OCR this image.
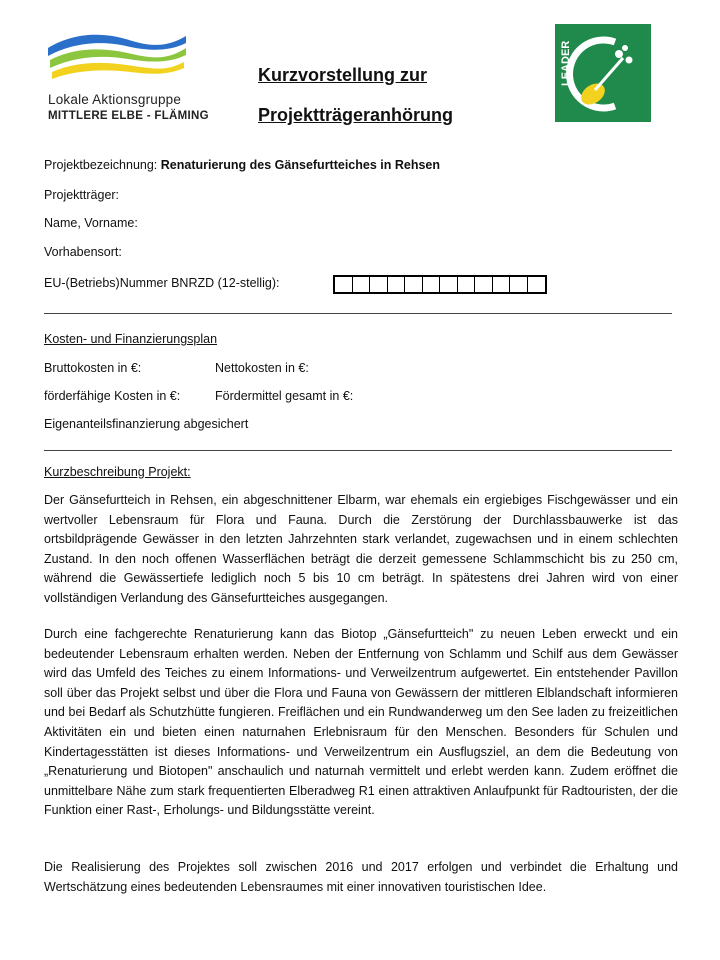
Lokale Aktionsgruppe
MITTLERE ELBE - FLÄMING
Kurzvorstellung zur
Projektträgeranhörung
LEADER
Projektbezeichnung: Renaturierung des Gänsefurtteiches in Rehsen
Projektträger:
Name, Vorname:
Vorhabensort:
EU-(Betriebs)Nummer BNRZD (12-stellig):
Kosten- und Finanzierungsplan
Bruttokosten in €:	Nettokosten in €:
förderfähige Kosten in €:	Fördermittel gesamt in €:
Eigenanteilsfinanzierung abgesichert
Kurzbeschreibung Projekt:
Der Gänsefurtteich in Rehsen, ein abgeschnittener Elbarm, war ehemals ein ergiebiges Fischgewässer und ein wertvoller Lebensraum für Flora und Fauna. Durch die Zerstörung der Durchlassbauwerke ist das ortsbildprägende Gewässer in den letzten Jahrzehnten stark verlandet, zugewachsen und in einem schlechten Zustand. In den noch offenen Wasserflächen beträgt die derzeit gemessene Schlammschicht bis zu 250 cm, während die Gewässertiefe lediglich noch 5 bis 10 cm beträgt. In spätestens drei Jahren wird von einer vollständigen Verlandung des Gänsefurtteiches ausgegangen.
Durch eine fachgerechte Renaturierung kann das Biotop „Gänsefurtteich" zu neuen Leben erweckt und ein bedeutender Lebensraum erhalten werden. Neben der Entfernung von Schlamm und Schilf aus dem Gewässer wird das Umfeld des Teiches zu einem Informations- und Verweilzentrum aufgewertet. Ein entstehender Pavillon soll über das Projekt selbst und über die Flora und Fauna von Gewässern der mittleren Elblandschaft informieren und bei Bedarf als Schutzhütte fungieren. Freiflächen und ein Rundwanderweg um den See laden zu freizeitlichen Aktivitäten ein und bieten einen naturnahen Erlebnisraum für den Menschen. Besonders für Schulen und Kindertagesstätten ist dieses Informations- und Verweilzentrum ein Ausflugsziel, an dem die Bedeutung von „Renaturierung und Biotopen" anschaulich und naturnah vermittelt und erlebt werden kann. Zudem eröffnet die unmittelbare Nähe zum stark frequentierten Elberadweg R1 einen attraktiven Anlaufpunkt für Radtouristen, der die Funktion einer Rast-, Erholungs- und Bildungsstätte vereint.
Die Realisierung des Projektes soll zwischen 2016 und 2017 erfolgen und verbindet die Erhaltung und Wertschätzung eines bedeutenden Lebensraumes mit einer innovativen touristischen Idee.
